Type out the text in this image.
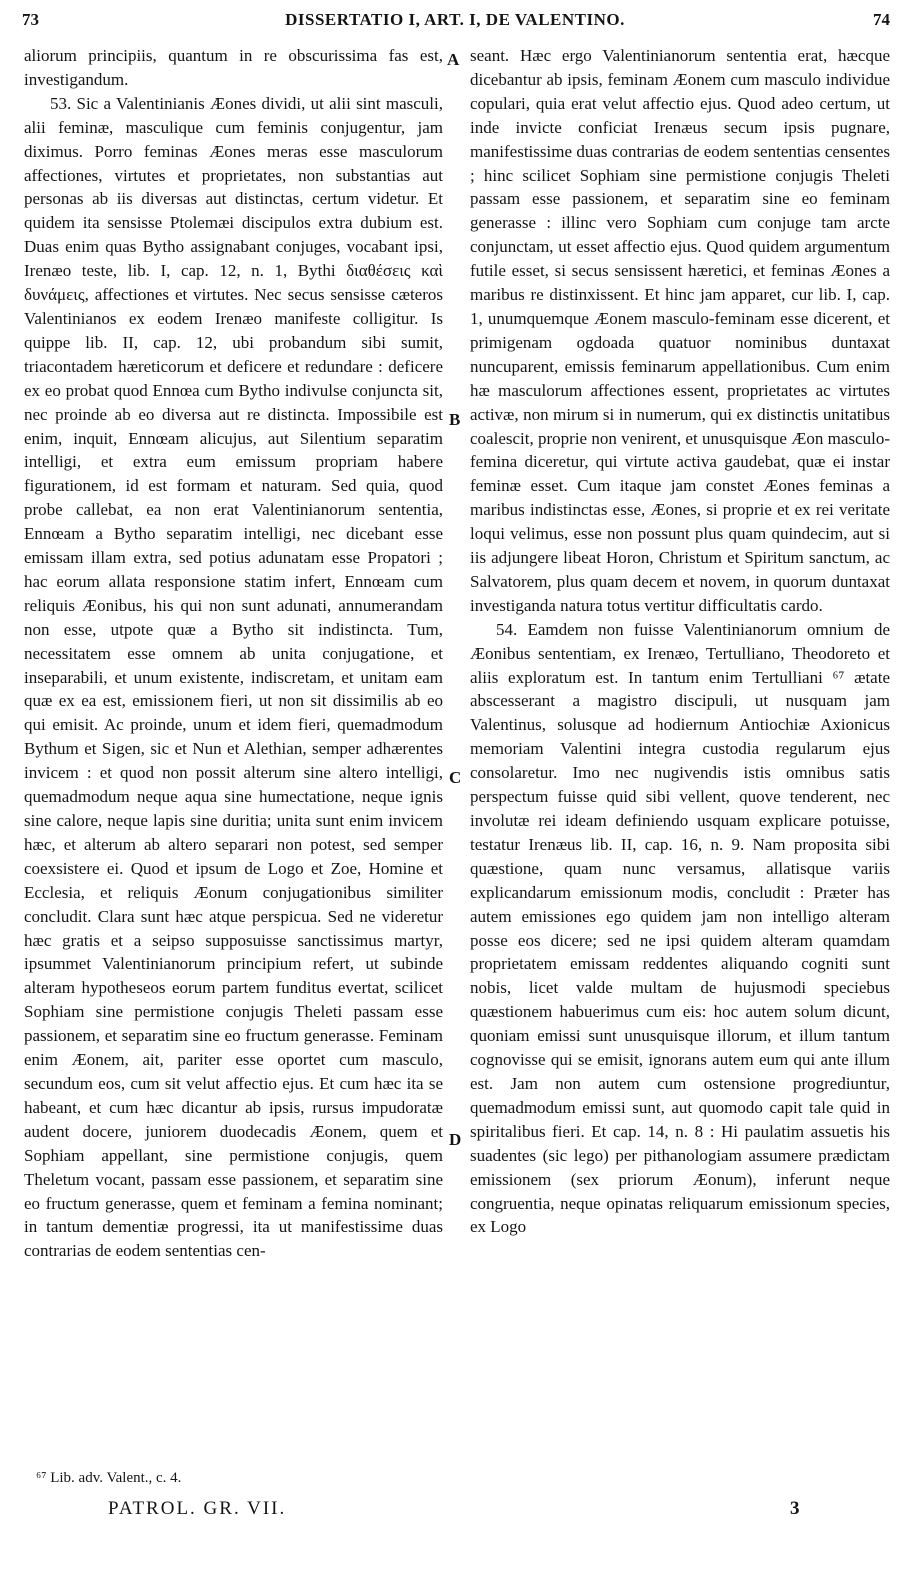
73	DISSERTATIO I, ART. I, DE VALENTINO.	74

aliorum principiis, quantum in re obscurissima fas est, investigandum.

53. Sic a Valentinianis Æones dividi, ut alii sint masculi, alii feminæ, masculique cum feminis conjugentur, jam diximus. Porro feminas Æones meras esse masculorum affectiones, virtutes et proprietates, non substantias aut personas ab iis diversas aut distinctas, certum videtur. Et quidem ita sensisse Ptolemæi discipulos extra dubium est. Duas enim quas Bytho assignabant conjuges, vocabant ipsi, Irenæo teste, lib. I, cap. 12, n. 1, Bythi διαθέσεις καὶ δυνάμεις, affectiones et virtutes. Nec secus sensisse cæteros Valentinianos ex eodem Irenæo manifeste colligitur. Is quippe lib. II, cap. 12, ubi probandum sibi sumit, triacontadem hæreticorum et deficere et redundare : deficere ex eo probat quod Ennœa cum Bytho indivulse conjuncta sit, nec proinde ab eo diversa aut re distincta. Impossibile est enim, inquit, Ennœam alicujus, aut Silentium separatim intelligi, et extra eum emissum propriam habere figurationem, id est formam et naturam. Sed quia, quod probe callebat, ea non erat Valentinianorum sententia, Ennœam a Bytho separatim intelligi, nec dicebant esse emissam illam extra, sed potius adunatam esse Propatori ; hac eorum allata responsione statim infert, Ennœam cum reliquis Æonibus, his qui non sunt adunati, annumerandam non esse, utpote quæ a Bytho sit indistincta. Tum, necessitatem esse omnem ab unita conjugatione, et inseparabili, et unum existente, indiscretam, et unitam eam quæ ex ea est, emissionem fieri, ut non sit dissimilis ab eo qui emisit. Ac proinde, unum et idem fieri, quemadmodum Bythum et Sigen, sic et Nun et Alethian, semper adhærentes invicem : et quod non possit alterum sine altero intelligi, quemadmodum neque aqua sine humectatione, neque ignis sine calore, neque lapis sine duritia; unita sunt enim invicem hæc, et alterum ab altero separari non potest, sed semper coexsistere ei. Quod et ipsum de Logo et Zoe, Homine et Ecclesia, et reliquis Æonum conjugationibus similiter concludit. Clara sunt hæc atque perspicua. Sed ne videretur hæc gratis et a seipso supposuisse sanctissimus martyr, ipsummet Valentinianorum principium refert, ut subinde alteram hypotheseos eorum partem funditus evertat, scilicet Sophiam sine permistione conjugis Theleti passam esse passionem, et separatim sine eo fructum generasse. Feminam enim Æonem, ait, pariter esse oportet cum masculo, secundum eos, cum sit velut affectio ejus. Et cum hæc ita se habeant, et cum hæc dicantur ab ipsis, rursus impudoratæ audent docere, juniorem duodecadis Æonem, quem et Sophiam appellant, sine permistione conjugis, quem Theletum vocant, passam esse passionem, et separatim sine eo fructum generasse, quem et feminam a femina nominant; in tantum dementiæ progressi, ita ut manifestissime duas contrarias de eodem sententias cen-

seant. Hæc ergo Valentinianorum sententia erat, hæcque dicebantur ab ipsis, feminam Æonem cum masculo individue copulari, quia erat velut affectio ejus. Quod adeo certum, ut inde invicte conficiat Irenæus secum ipsis pugnare, manifestissime duas contrarias de eodem sententias censentes ; hinc scilicet Sophiam sine permistione conjugis Theleti passam esse passionem, et separatim sine eo feminam generasse : illinc vero Sophiam cum conjuge tam arcte conjunctam, ut esset affectio ejus. Quod quidem argumentum futile esset, si secus sensissent hæretici, et feminas Æones a maribus re distinxissent. Et hinc jam apparet, cur lib. I, cap. 1, unumquemque Æonem masculo-feminam esse dicerent, et primigenam ogdoada quatuor nominibus duntaxat nuncuparent, emissis feminarum appellationibus. Cum enim hæ masculorum affectiones essent, proprietates ac virtutes activæ, non mirum si in numerum, qui ex distinctis unitatibus coalescit, proprie non venirent, et unusquisque Æon masculo-femina diceretur, qui virtute activa gaudebat, quæ ei instar feminæ esset. Cum itaque jam constet Æones feminas a maribus indistinctas esse, Æones, si proprie et ex rei veritate loqui velimus, esse non possunt plus quam quindecim, aut si iis adjungere libeat Horon, Christum et Spiritum sanctum, ac Salvatorem, plus quam decem et novem, in quorum duntaxat investiganda natura totus vertitur difficultatis cardo.

54. Eamdem non fuisse Valentinianorum omnium de Æonibus sententiam, ex Irenæo, Tertulliano, Theodoreto et aliis exploratum est. In tantum enim Tertulliani ⁶⁷ ætate abscesserant a magistro discipuli, ut nusquam jam Valentinus, solusque ad hodiernum Antiochiæ Axionicus memoriam Valentini integra custodia regularum ejus consolaretur. Imo nec nugivendis istis omnibus satis perspectum fuisse quid sibi vellent, quove tenderent, nec involutæ rei ideam definiendo usquam explicare potuisse, testatur Irenæus lib. II, cap. 16, n. 9. Nam proposita sibi quæstione, quam nunc versamus, allatisque variis explicandarum emissionum modis, concludit : Præter has autem emissiones ego quidem jam non intelligo alteram posse eos dicere; sed ne ipsi quidem alteram quamdam proprietatem emissam reddentes aliquando cogniti sunt nobis, licet valde multam de hujusmodi speciebus quæstionem habuerimus cum eis: hoc autem solum dicunt, quoniam emissi sunt unusquisque illorum, et illum tantum cognovisse qui se emisit, ignorans autem eum qui ante illum est. Jam non autem cum ostensione progrediuntur, quemadmodum emissi sunt, aut quomodo capit tale quid in spiritalibus fieri. Et cap. 14, n. 8 : Hi paulatim assuetis his suadentes (sic lego) per pithanologiam assumere prædictam emissionem (sex priorum Æonum), inferunt neque congruentia, neque opinatas reliquarum emissionum species, ex Logo

A
B
C
D
⁶⁷ Lib. adv. Valent., c. 4.
PATROL. GR. VII.	3
